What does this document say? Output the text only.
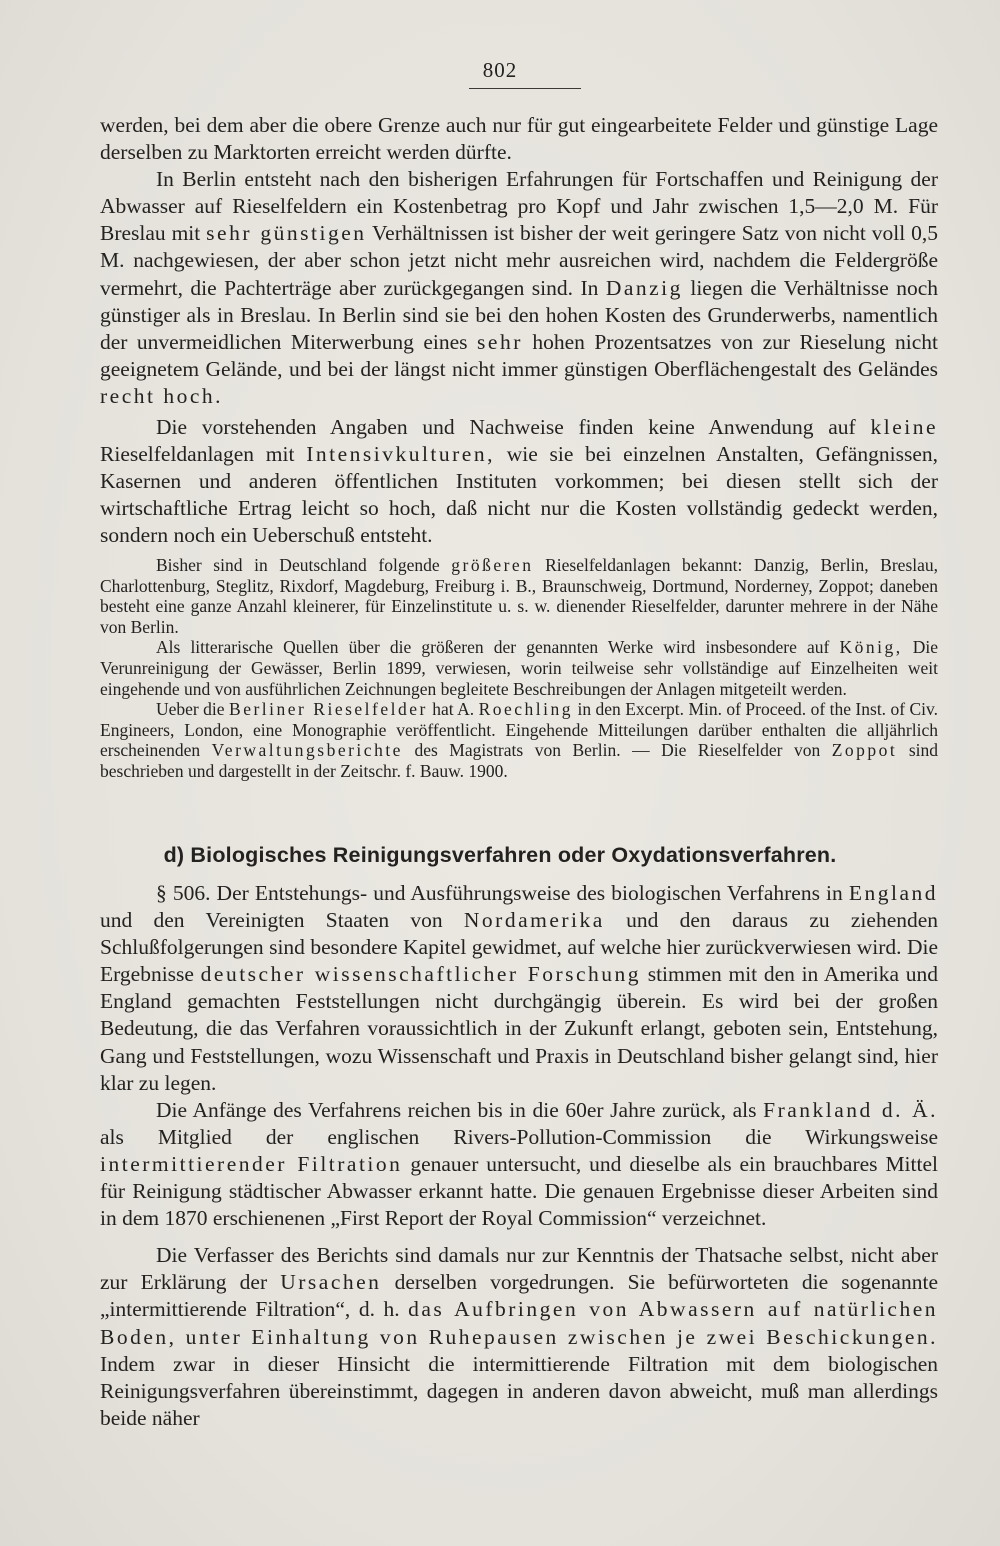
802

werden, bei dem aber die obere Grenze auch nur für gut eingearbeitete Felder und günstige Lage derselben zu Marktorten erreicht werden dürfte.

In Berlin entsteht nach den bisherigen Erfahrungen für Fortschaffen und Reinigung der Abwasser auf Rieselfeldern ein Kostenbetrag pro Kopf und Jahr zwischen 1,5—2,0 M. Für Breslau mit sehr günstigen Verhältnissen ist bisher der weit geringere Satz von nicht voll 0,5 M. nachgewiesen, der aber schon jetzt nicht mehr ausreichen wird, nachdem die Feldergröße vermehrt, die Pachterträge aber zurückgegangen sind. In Danzig liegen die Verhältnisse noch günstiger als in Breslau. In Berlin sind sie bei den hohen Kosten des Grunderwerbs, namentlich der unvermeidlichen Miterwerbung eines sehr hohen Prozentsatzes von zur Rieselung nicht geeignetem Gelände, und bei der längst nicht immer günstigen Oberflächengestalt des Geländes recht hoch.

Die vorstehenden Angaben und Nachweise finden keine Anwendung auf kleine Rieselfeldanlagen mit Intensivkulturen, wie sie bei einzelnen Anstalten, Gefängnissen, Kasernen und anderen öffentlichen Instituten vorkommen; bei diesen stellt sich der wirtschaftliche Ertrag leicht so hoch, daß nicht nur die Kosten vollständig gedeckt werden, sondern noch ein Ueberschuß entsteht.

Bisher sind in Deutschland folgende größeren Rieselfeldanlagen bekannt: Danzig, Berlin, Breslau, Charlottenburg, Steglitz, Rixdorf, Magdeburg, Freiburg i. B., Braunschweig, Dortmund, Norderney, Zoppot; daneben besteht eine ganze Anzahl kleinerer, für Einzelinstitute u. s. w. dienender Rieselfelder, darunter mehrere in der Nähe von Berlin.

Als litterarische Quellen über die größeren der genannten Werke wird insbesondere auf König, Die Verunreinigung der Gewässer, Berlin 1899, verwiesen, worin teilweise sehr vollständige auf Einzelheiten weit eingehende und von ausführlichen Zeichnungen begleitete Beschreibungen der Anlagen mitgeteilt werden.

Ueber die Berliner Rieselfelder hat A. Roechling in den Excerpt. Min. of Proceed. of the Inst. of Civ. Engineers, London, eine Monographie veröffentlicht. Eingehende Mitteilungen darüber enthalten die alljährlich erscheinenden Verwaltungsberichte des Magistrats von Berlin. — Die Rieselfelder von Zoppot sind beschrieben und dargestellt in der Zeitschr. f. Bauw. 1900.

d) Biologisches Reinigungsverfahren oder Oxydationsverfahren.

§ 506. Der Entstehungs- und Ausführungsweise des biologischen Verfahrens in England und den Vereinigten Staaten von Nordamerika und den daraus zu ziehenden Schlußfolgerungen sind besondere Kapitel gewidmet, auf welche hier zurückverwiesen wird. Die Ergebnisse deutscher wissenschaftlicher Forschung stimmen mit den in Amerika und England gemachten Feststellungen nicht durchgängig überein. Es wird bei der großen Bedeutung, die das Verfahren voraussichtlich in der Zukunft erlangt, geboten sein, Entstehung, Gang und Feststellungen, wozu Wissenschaft und Praxis in Deutschland bisher gelangt sind, hier klar zu legen.

Die Anfänge des Verfahrens reichen bis in die 60er Jahre zurück, als Frankland d. Ä. als Mitglied der englischen Rivers-Pollution-Commission die Wirkungsweise intermittierender Filtration genauer untersucht, und dieselbe als ein brauchbares Mittel für Reinigung städtischer Abwasser erkannt hatte. Die genauen Ergebnisse dieser Arbeiten sind in dem 1870 erschienenen „First Report der Royal Commission“ verzeichnet.

Die Verfasser des Berichts sind damals nur zur Kenntnis der Thatsache selbst, nicht aber zur Erklärung der Ursachen derselben vorgedrungen. Sie befürworteten die sogenannte „intermittierende Filtration“, d. h. das Aufbringen von Abwassern auf natürlichen Boden, unter Einhaltung von Ruhepausen zwischen je zwei Beschickungen. Indem zwar in dieser Hinsicht die intermittierende Filtration mit dem biologischen Reinigungsverfahren übereinstimmt, dagegen in anderen davon abweicht, muß man allerdings beide näher
